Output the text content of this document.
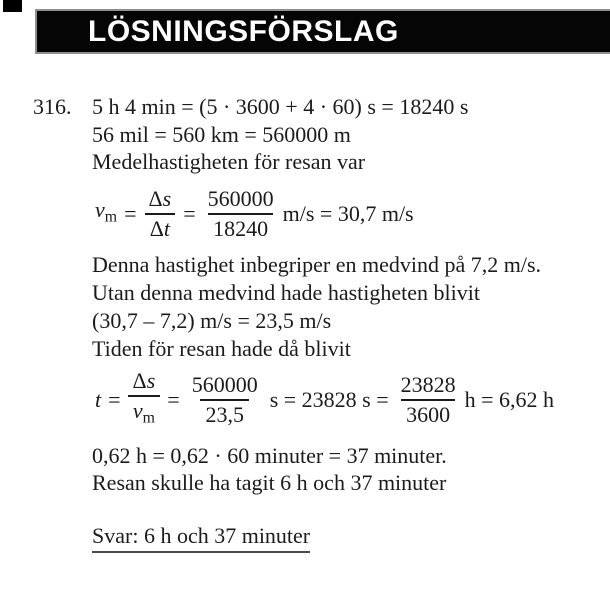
LÖSNINGSFÖRSLAG
316. 5 h 4 min = (5 · 3600 + 4 · 60) s = 18240 s
56 mil = 560 km = 560000 m
Medelhastigheten för resan var
$v_m = \frac{\Delta s}{\Delta t} = \frac{560000}{18240} m/s = 30,7$ m/s
Denna hastighet inbegriper en medvind på 7,2 m/s.
Utan denna medvind hade hastigheten blivit
(30,7 – 7,2) m/s = 23,5 m/s
Tiden för resan hade då blivit
$t = \frac{\Delta s}{v_m} = \frac{560000}{23,5}$ s = 23828 $s = \frac{23828}{3600}$ h = 6,62 h
0,62 h = 0,62 · 60 minuter = 37 minuter.
Resan skulle ha tagit 6 h och 37 minuter
Svar: 6 h och 37 minuter
